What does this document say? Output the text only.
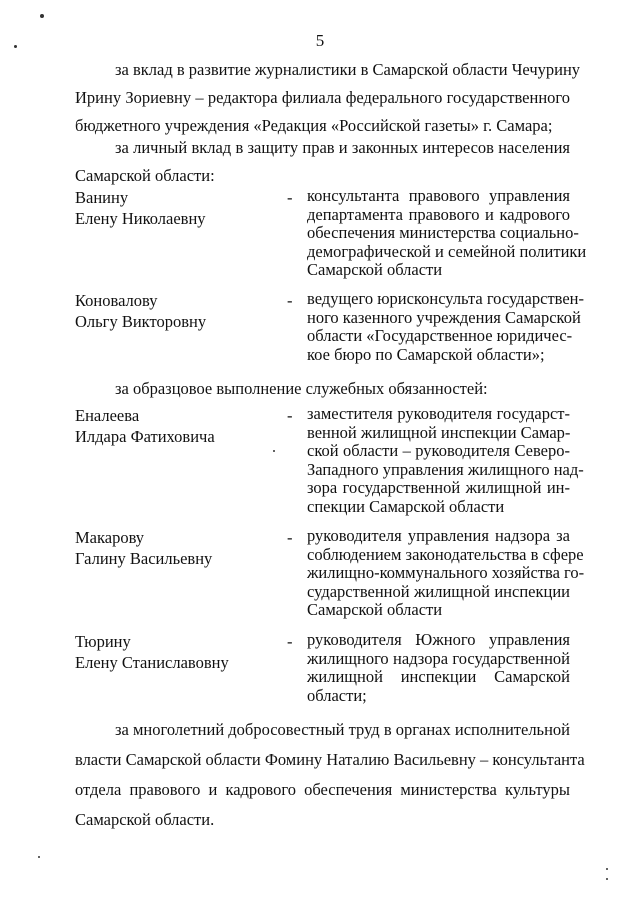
5
за вклад в развитие журналистики в Самарской области Чечурину
Ирину Зориевну – редактора филиала федерального государственного
бюджетного учреждения «Редакция «Российской газеты» г. Самара;
за личный вклад в защиту прав и законных интересов населения
Самарской области:
Ванину
Елену Николаевну
- консультанта правового управления
департамента правового и кадрового
обеспечения министерства социально-
демографической и семейной политики
Самарской области
Коновалову
Ольгу Викторовну
- ведущего юрисконсульта государствен-
ного казенного учреждения Самарской
области «Государственное юридичес-
кое бюро по Самарской области»;
за образцовое выполнение служебных обязанностей:
Еналеева
Илдара Фатиховича
- заместителя руководителя государст-
венной жилищной инспекции Самар-
ской области – руководителя Северо-
Западного управления жилищного над-
зора государственной жилищной ин-
спекции Самарской области
Макарову
Галину Васильевну
- руководителя управления надзора за
соблюдением законодательства в сфере
жилищно-коммунального хозяйства го-
сударственной жилищной инспекции
Самарской области
Тюрину
Елену Станиславовну
- руководителя Южного управления
жилищного надзора государственной
жилищной инспекции Самарской
области;
за многолетний добросовестный труд в органах исполнительной
власти Самарской области Фомину Наталию Васильевну – консультанта
отдела правового и кадрового обеспечения министерства культуры
Самарской области.
